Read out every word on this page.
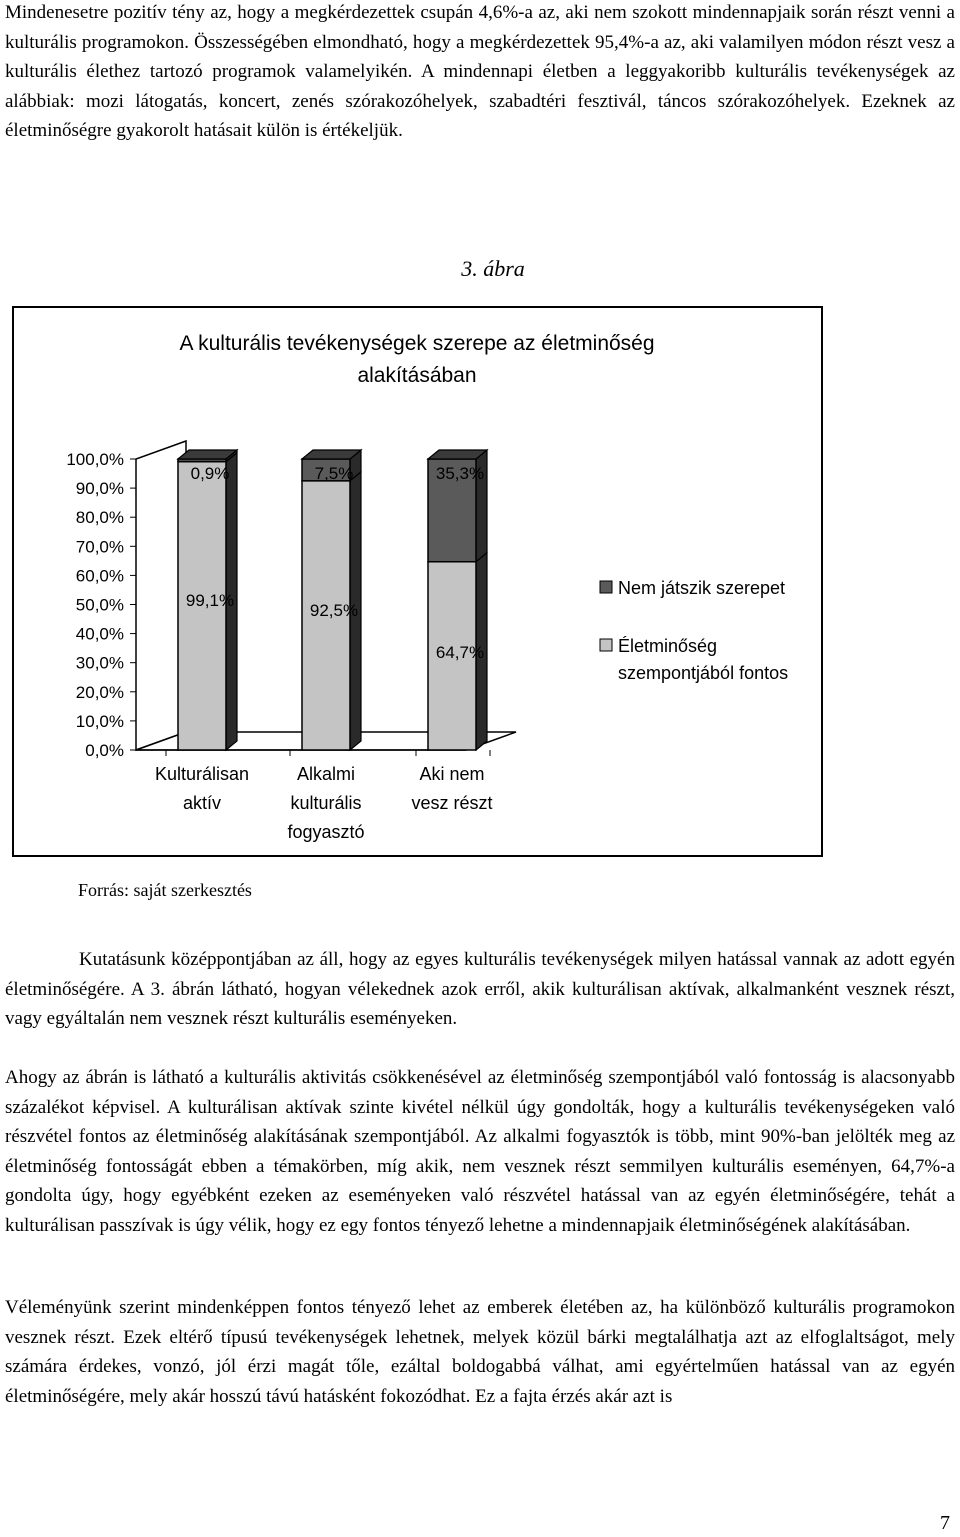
Mindenesetre pozitív tény az, hogy a megkérdezettek csupán 4,6%-a az, aki nem szokott mindennapjaik során részt venni a kulturális programokon. Összességében elmondható, hogy a megkérdezettek 95,4%-a az, aki valamilyen módon részt vesz a kulturális élethez tartozó programok valamelyikén. A mindennapi életben a leggyakoribb kulturális tevékenységek az alábbiak: mozi látogatás, koncert, zenés szórakozóhelyek, szabadtéri fesztivál, táncos szórakozóhelyek. Ezeknek az életminőségre gyakorolt hatásait külön is értékeljük.

3. ábra
A kulturális tevékenységek szerepe az életminőség
alakításában
0,0%
10,0%
20,0%
30,0%
40,0%
50,0%
60,0%
70,0%
80,0%
90,0%
100,0%
99,1%
0,9%
Kulturálisan
aktív
92,5%
7,5%
Alkalmi
kulturális
fogyasztó
64,7%
35,3%
Aki nem
vesz részt
Nem játszik szerepet
Életminőség
szempontjából fontos
Forrás: saját szerkesztés

Kutatásunk középpontjában az áll, hogy az egyes kulturális tevékenységek milyen hatással vannak az adott egyén életminőségére. A 3. ábrán látható, hogyan vélekednek azok erről, akik kulturálisan aktívak, alkalmanként vesznek részt, vagy egyáltalán nem vesznek részt kulturális eseményeken.

Ahogy az ábrán is látható a kulturális aktivitás csökkenésével az életminőség szempontjából való fontosság is alacsonyabb százalékot képvisel. A kulturálisan aktívak szinte kivétel nélkül úgy gondolták, hogy a kulturális tevékenységeken való részvétel fontos az életminőség alakításának szempontjából. Az alkalmi fogyasztók is több, mint 90%-ban jelölték meg az életminőség fontosságát ebben a témakörben, míg akik, nem vesznek részt semmilyen kulturális eseményen, 64,7%-a gondolta úgy, hogy egyébként ezeken az eseményeken való részvétel hatással van az egyén életminőségére, tehát a kulturálisan passzívak is úgy vélik, hogy ez egy fontos tényező lehetne a mindennapjaik életminőségének alakításában.

Véleményünk szerint mindenképpen fontos tényező lehet az emberek életében az, ha különböző kulturális programokon vesznek részt. Ezek eltérő típusú tevékenységek lehetnek, melyek közül bárki megtalálhatja azt az elfoglaltságot, mely számára érdekes, vonzó, jól érzi magát tőle, ezáltal boldogabbá válhat, ami egyértelműen hatással van az egyén életminőségére, mely akár hosszú távú hatásként fokozódhat. Ez a fajta érzés akár azt is

7
